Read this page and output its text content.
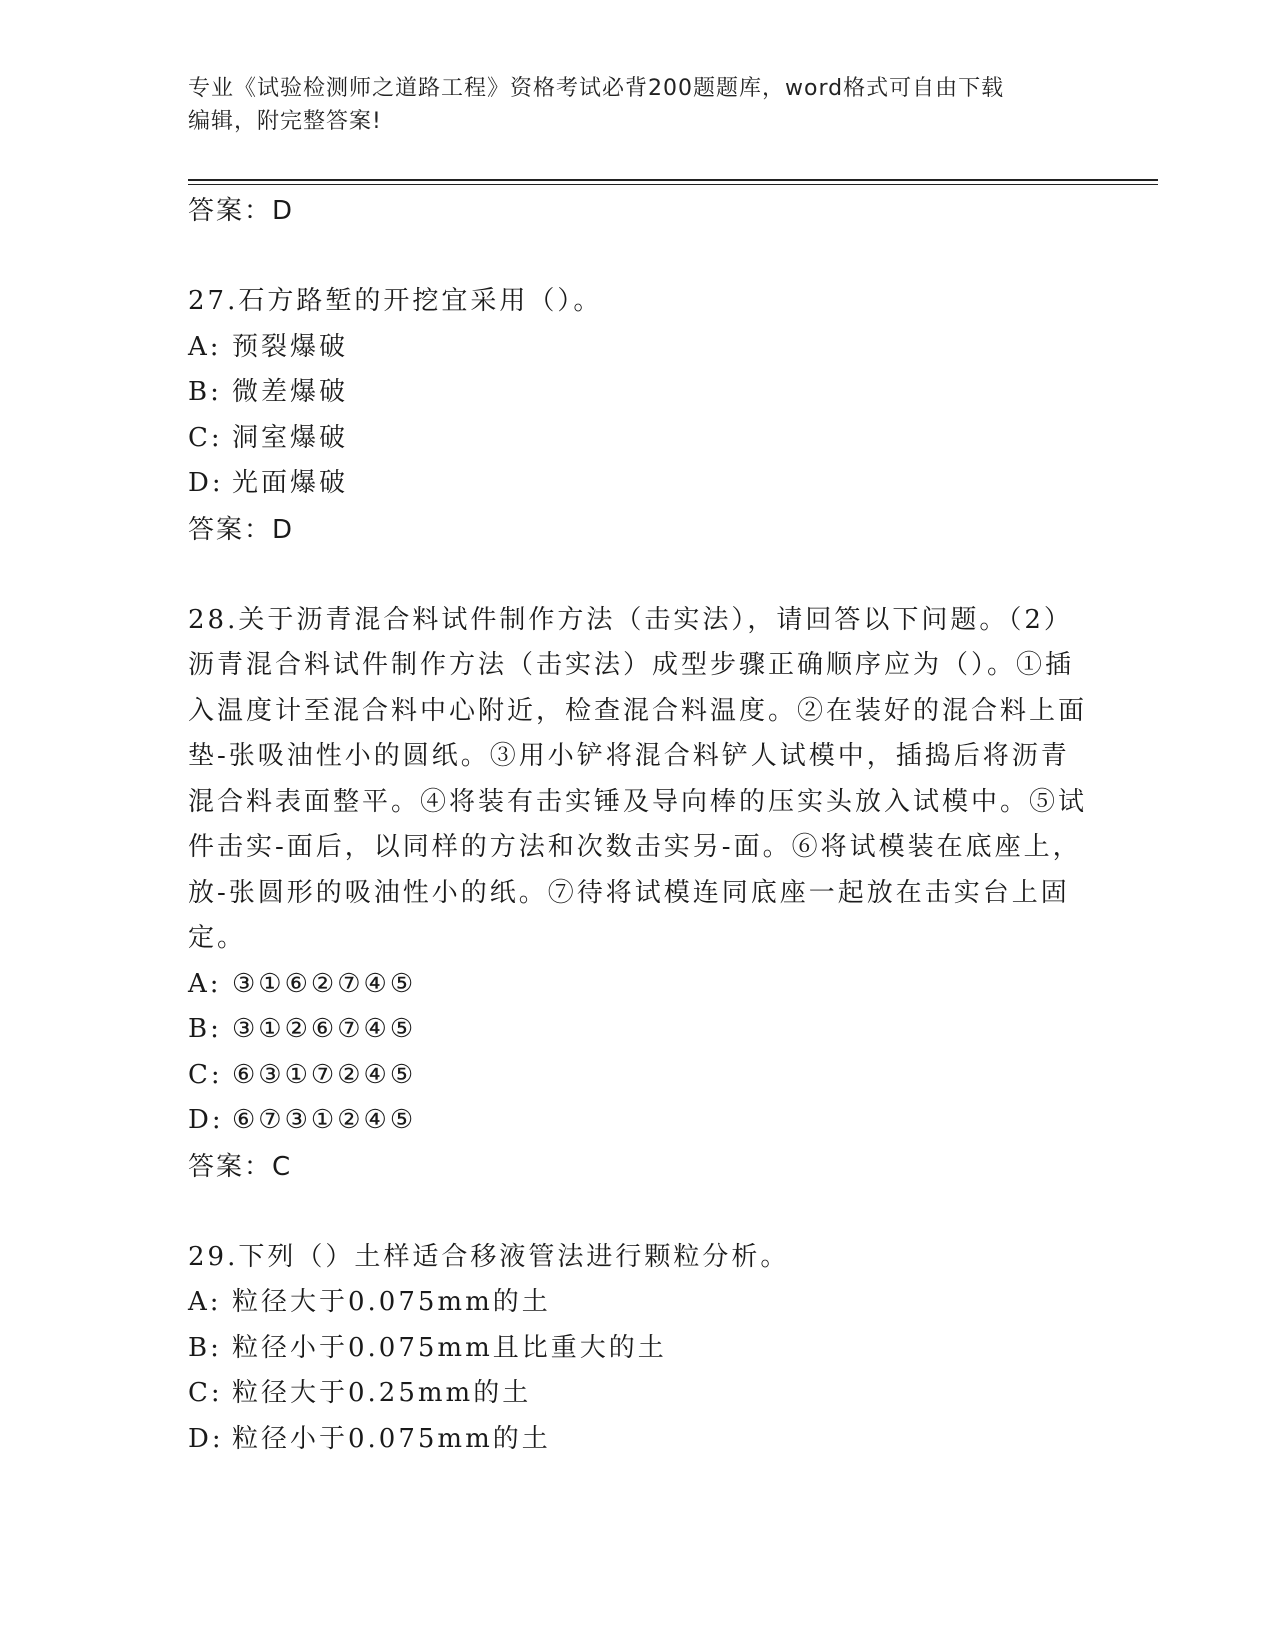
专业《试验检测师之道路工程》资格考试必背200题题库，word格式可自由下载
编辑，附完整答案!
答案：D

27.石方路堑的开挖宜采用（）。

A: 预裂爆破
B: 微差爆破
C: 洞室爆破
D: 光面爆破
答案：D

28.关于沥青混合料试件制作方法（击实法），请回答以下问题。（2）沥青混合料试件制作方法（击实法）成型步骤正确顺序应为（）。①插入温度计至混合料中心附近，检查混合料温度。②在装好的混合料上面垫-张吸油性小的圆纸。③用小铲将混合料铲人试模中，插捣后将沥青混合料表面整平。④将装有击实锤及导向棒的压实头放入试模中。⑤试件击实-面后，以同样的方法和次数击实另-面。⑥将试模装在底座上，放-张圆形的吸油性小的纸。⑦待将试模连同底座一起放在击实台上固定。

A: ③①⑥②⑦④⑤
B: ③①②⑥⑦④⑤
C: ⑥③①⑦②④⑤
D: ⑥⑦③①②④⑤
答案：C

29.下列（）土样适合移液管法进行颗粒分析。

A: 粒径大于0.075mm的土
B: 粒径小于0.075mm且比重大的土
C: 粒径大于0.25mm的土
D: 粒径小于0.075mm的土
